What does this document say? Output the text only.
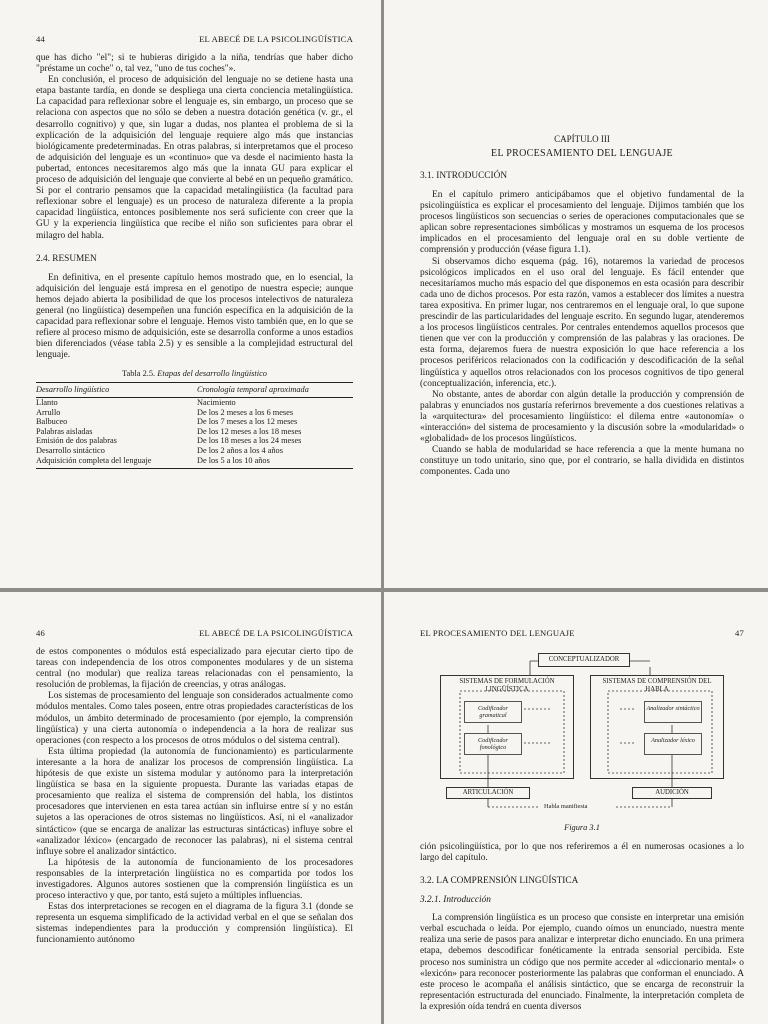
44	EL ABECÉ DE LA PSICOLINGÜÍSTICA

que has dicho "el"; si te hubieras dirigido a la niña, tendrías que haber dicho "préstame un coche" o, tal vez, "uno de tus coches"».

En conclusión, el proceso de adquisición del lenguaje no se detiene hasta una etapa bastante tardía, en donde se despliega una cierta conciencia metalingüística. La capacidad para reflexionar sobre el lenguaje es, sin embargo, un proceso que se relaciona con aspectos que no sólo se deben a nuestra dotación genética (v. gr., el desarrollo cognitivo) y que, sin lugar a dudas, nos plantea el problema de si la explicación de la adquisición del lenguaje requiere algo más que instancias biológicamente predeterminadas. En otras palabras, si interpretamos que el proceso de adquisición del lenguaje es un «continuo» que va desde el nacimiento hasta la pubertad, entonces necesitaremos algo más que la innata GU para explicar el proceso de adquisición del lenguaje que convierte al bebé en un pequeño gramático. Si por el contrario pensamos que la capacidad metalingüística (la facultad para reflexionar sobre el lenguaje) es un proceso de naturaleza diferente a la propia capacidad lingüística, entonces posiblemente nos será suficiente con creer que la GU y la experiencia lingüística que recibe el niño son suficientes para obrar el milagro del habla.

2.4. RESUMEN

En definitiva, en el presente capítulo hemos mostrado que, en lo esencial, la adquisición del lenguaje está impresa en el genotipo de nuestra especie; aunque hemos dejado abierta la posibilidad de que los procesos intelectivos de naturaleza general (no lingüística) desempeñen una función específica en la adquisición de la capacidad para reflexionar sobre el lenguaje. Hemos visto también que, en lo que se refiere al proceso mismo de adquisición, este se desarrolla conforme a unos estadios bien diferenciados (véase tabla 2.5) y es sensible a la complejidad estructural del lenguaje.

Tabla 2.5. Etapas del desarrollo lingüístico
Desarrollo lingüístico	Cronología temporal aproximada
Llanto	Nacimiento
Arrullo	De los 2 meses a los 6 meses
Balbuceo	De los 7 meses a los 12 meses
Palabras aisladas	De los 12 meses a los 18 meses
Emisión de dos palabras	De los 18 meses a los 24 meses
Desarrollo sintáctico	De los 2 años a los 4 años
Adquisición completa del lenguaje	De los 5 a los 10 años
CAPÍTULO III
EL PROCESAMIENTO DEL LENGUAJE
3.1. INTRODUCCIÓN

En el capítulo primero anticipábamos que el objetivo fundamental de la psicolingüística es explicar el procesamiento del lenguaje. Dijimos también que los procesos lingüísticos son secuencias o series de operaciones computacionales que se aplican sobre representaciones simbólicas y mostramos un esquema de los procesos implicados en el procesamiento del lenguaje oral en su doble vertiente de comprensión y producción (véase figura 1.1).

Si observamos dicho esquema (pág. 16), notaremos la variedad de procesos psicológicos implicados en el uso oral del lenguaje. Es fácil entender que necesitaríamos mucho más espacio del que disponemos en esta ocasión para describir cada uno de dichos procesos. Por esta razón, vamos a establecer dos límites a nuestra tarea expositiva. En primer lugar, nos centraremos en el lenguaje oral, lo que supone prescindir de las particularidades del lenguaje escrito. En segundo lugar, atenderemos a los procesos lingüísticos centrales. Por centrales entendemos aquellos procesos que tienen que ver con la producción y comprensión de las palabras y las oraciones. De esta forma, dejaremos fuera de nuestra exposición lo que hace referencia a los procesos periféricos relacionados con la codificación y descodificación de la señal lingüística y aquellos otros relacionados con los procesos cognitivos de tipo general (conceptualización, inferencia, etc.).

No obstante, antes de abordar con algún detalle la producción y comprensión de palabras y enunciados nos gustaría referirnos brevemente a dos cuestiones relativas a la «arquitectura» del procesamiento lingüístico: el dilema entre «autonomía» o «interacción» del sistema de procesamiento y la discusión sobre la «modularidad» o «globalidad» de los procesos lingüísticos.

Cuando se habla de modularidad se hace referencia a que la mente humana no constituye un todo unitario, sino que, por el contrario, se halla dividida en distintos componentes. Cada uno

46	EL ABECÉ DE LA PSICOLINGÜÍSTICA

de estos componentes o módulos está especializado para ejecutar cierto tipo de tareas con independencia de los otros componentes modulares y de un sistema central (no modular) que realiza tareas relacionadas con el pensamiento, la resolución de problemas, la fijación de creencias, y otras análogas.

Los sistemas de procesamiento del lenguaje son considerados actualmente como módulos mentales. Como tales poseen, entre otras propiedades características de los módulos, un ámbito determinado de procesamiento (por ejemplo, la comprensión lingüística) y una cierta autonomía o independencia a la hora de realizar sus operaciones (con respecto a los procesos de otros módulos o del sistema central).

Esta última propiedad (la autonomía de funcionamiento) es particularmente interesante a la hora de analizar los procesos de comprensión lingüística. La hipótesis de que existe un sistema modular y autónomo para la interpretación lingüística se basa en la siguiente propuesta. Durante las variadas etapas de procesamiento que realiza el sistema de comprensión del habla, los distintos procesadores que intervienen en esta tarea actúan sin influirse entre sí y no están sujetos a las operaciones de otros sistemas no lingüísticos. Así, ni el «analizador sintáctico» (que se encarga de analizar las estructuras sintácticas) influye sobre el «analizador léxico» (encargado de reconocer las palabras), ni el sistema central influye sobre el analizador sintáctico.

La hipótesis de la autonomía de funcionamiento de los procesadores responsables de la interpretación lingüística no es compartida por todos los investigadores. Algunos autores sostienen que la comprensión lingüística es un proceso interactivo y que, por tanto, está sujeto a múltiples influencias.

Estas dos interpretaciones se recogen en el diagrama de la figura 3.1 (donde se representa un esquema simplificado de la actividad verbal en el que se señalan dos sistemas independientes para la producción y comprensión lingüística). El funcionamiento autónomo

EL PROCESAMIENTO DEL LENGUAJE	47
CONCEPTUALIZADOR
SISTEMAS DE FORMULACIÓN LINGÜÍSTICA
SISTEMAS DE COMPRENSIÓN DEL HABLA
Codificador gramatical
Codificador fonológico
Analizador sintáctico
Analizador léxico
ARTICULACIÓN	AUDICIÓN
Habla manifiesta
Figura 3.1

ción psicolingüística, por lo que nos referiremos a él en numerosas ocasiones a lo largo del capítulo.

3.2. LA COMPRENSIÓN LINGÜÍSTICA
3.2.1. Introducción

La comprensión lingüística es un proceso que consiste en interpretar una emisión verbal escuchada o leída. Por ejemplo, cuando oímos un enunciado, nuestra mente realiza una serie de pasos para analizar e interpretar dicho enunciado. En una primera etapa, debemos descodificar fonéticamente la entrada sensorial percibida. Este proceso nos suministra un código que nos permite acceder al «diccionario mental» o «lexicón» para reconocer posteriormente las palabras que conforman el enunciado. A este proceso le acompaña el análisis sintáctico, que se encarga de reconstruir la representación estructurada del enunciado. Finalmente, la interpretación completa de la expresión oída tendrá en cuenta diversos
